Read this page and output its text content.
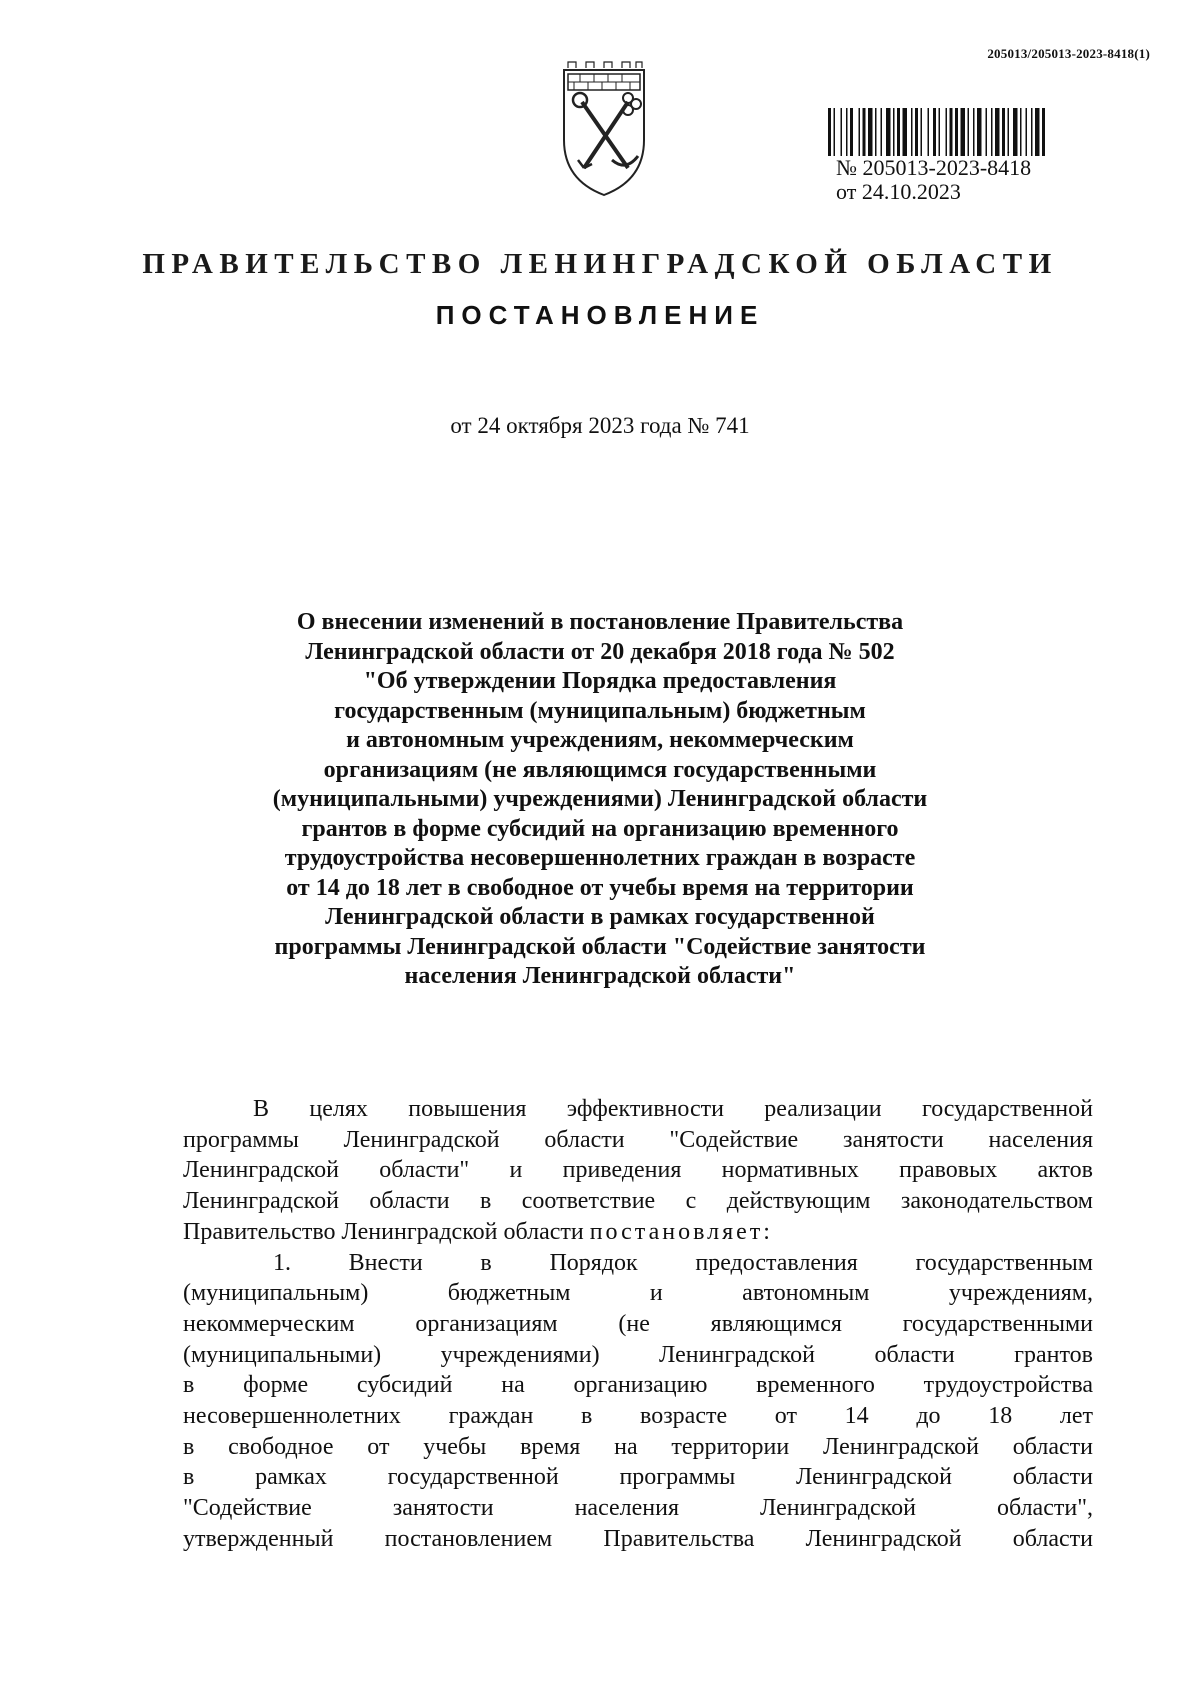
205013/205013-2023-8418(1)
№ 205013-2023-8418
от 24.10.2023
ПРАВИТЕЛЬСТВО ЛЕНИНГРАДСКОЙ ОБЛАСТИ
ПОСТАНОВЛЕНИЕ
от 24 октября 2023 года № 741
О внесении изменений в постановление Правительства
Ленинградской области от 20 декабря 2018 года № 502
"Об утверждении Порядка предоставления
государственным (муниципальным) бюджетным
и автономным учреждениям, некоммерческим
организациям (не являющимся государственными
(муниципальными) учреждениями) Ленинградской области
грантов в форме субсидий на организацию временного
трудоустройства несовершеннолетних граждан в возрасте
от 14 до 18 лет в свободное от учебы время на территории
Ленинградской области в рамках государственной
программы Ленинградской области "Содействие занятости
населения Ленинградской области"
В целях повышения эффективности реализации государственной
программы Ленинградской области "Содействие занятости населения
Ленинградской области" и приведения нормативных правовых актов
Ленинградской области в соответствие с действующим законодательством
Правительство Ленинградской области постановляет:
1. Внести в Порядок предоставления государственным
(муниципальным) бюджетным и автономным учреждениям,
некоммерческим организациям (не являющимся государственными
(муниципальными) учреждениями) Ленинградской области грантов
в форме субсидий на организацию временного трудоустройства
несовершеннолетних граждан в возрасте от 14 до 18 лет
в свободное от учебы время на территории Ленинградской области
в рамках государственной программы Ленинградской области
"Содействие занятости населения Ленинградской области",
утвержденный постановлением Правительства Ленинградской области
